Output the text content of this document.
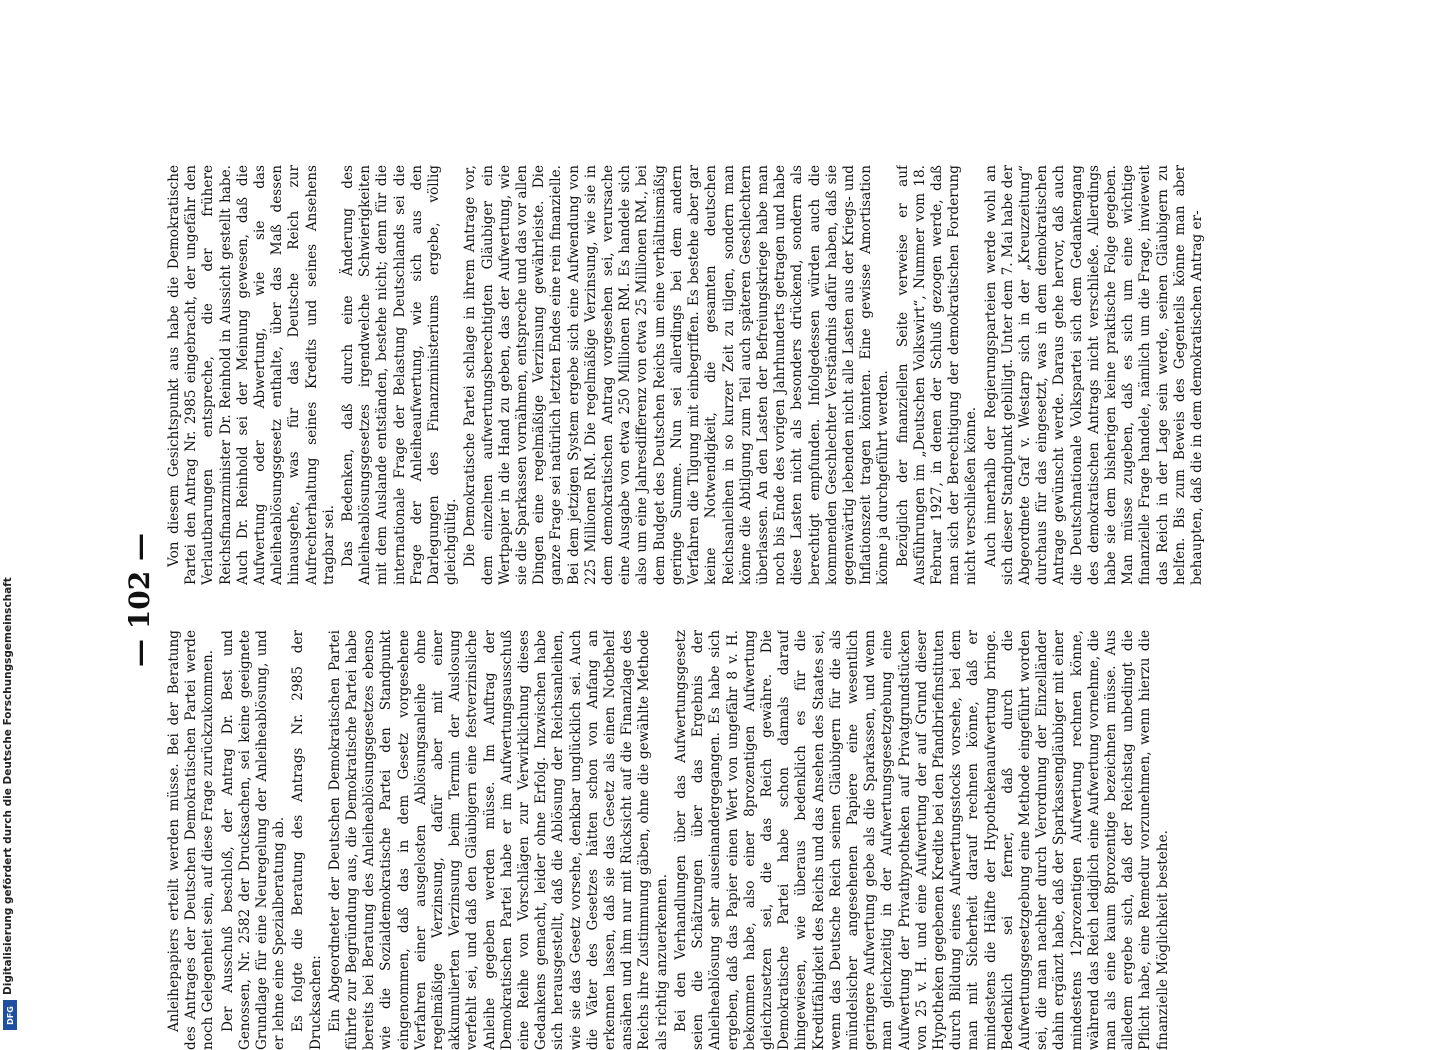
— 102 —

Anleihepapiers erteilt werden müsse. Bei der Beratung des Antrages der Deutschen Demokratischen Partei werde noch Gelegenheit sein, auf diese Frage zurückzukommen. Der Ausschuß beschloß, der Antrag Dr. Best und Genossen, Nr. 2582 der Drucksachen, sei keine geeignete Grundlage für eine Neuregelung der Anleiheablösung, und er lehne eine Spezialberatung ab. Es folgte die Beratung des Antrags Nr. 2985 der Drucksachen: Ein Abgeordneter der Deutschen Demokratischen Partei führte zur Begründung aus, die Demokratische Partei habe bereits bei Beratung des Anleiheablösungsgesetzes ebenso wie die Sozialdemokratische Partei den Standpunkt eingenommen, daß das in dem Gesetz vorgesehene Verfahren einer ausgelosten Ablösungsanleihe ohne regelmäßige Verzinsung, dafür aber mit einer akkumulierten Verzinsung beim Termin der Auslosung verfehlt sei, und daß den Gläubigern eine festverzinsliche Anleihe gegeben werden müsse. Im Auftrag der Demokratischen Partei habe er im Aufwertungsausschuß eine Reihe von Vorschlägen zur Verwirklichung dieses Gedankens gemacht, leider ohne Erfolg. Inzwischen habe sich herausgestellt, daß die Ablösung der Reichsanleihen, wie sie das Gesetz vorsehe, denkbar unglücklich sei. Auch die Väter des Gesetzes hätten schon von Anfang an erkennen lassen, daß sie das Gesetz als einen Notbehelf ansähen und ihm nur mit Rücksicht auf die Finanzlage des Reichs ihre Zustimmung gäben, ohne die gewählte Methode als richtig anzuerkennen. Bei den Verhandlungen über das Aufwertungsgesetz seien die Schätzungen über das Ergebnis der Anleiheablösung sehr auseinandergegangen. Es habe sich ergeben, daß das Papier einen Wert von ungefähr 8 v. H. bekommen habe, also einer 8prozentigen Aufwertung gleichzusetzen sei, die das Reich gewähre. Die Demokratische Partei habe schon damals darauf hingewiesen, wie überaus bedenklich es für die Kreditfähigkeit des Reichs und das Ansehen des Staates sei, wenn das Deutsche Reich seinen Gläubigern für die als mündelsicher angesehenen Papiere eine wesentlich geringere Aufwertung gebe als die Sparkassen, und wenn man gleichzeitig in der Aufwertungsgesetzgebung eine Aufwertung der Privathypotheken auf Privatgrundstücken von 25 v. H. und eine Aufwertung der auf Grund dieser Hypotheken gegebenen Kredite bei den Pfandbriefinstituten durch Bildung eines Aufwertungsstocks vorsehe, bei dem man mit Sicherheit darauf rechnen könne, daß er mindestens die Hälfte der Hypothekenaufwertung bringe. Bedenklich sei ferner, daß durch die Aufwertungsgesetzgebung eine Methode eingeführt worden sei, die man nachher durch Verordnung der Einzelländer dahin ergänzt habe, daß der Sparkassengläubiger mit einer mindestens 12prozentigen Aufwertung rechnen könne, während das Reich lediglich eine Aufwertung vornehme, die man als eine kaum 8prozentige bezeichnen müsse. Aus alledem ergebe sich, daß der Reichstag unbedingt die Pflicht habe, eine Remedur vorzunehmen, wenn hierzu die finanzielle Möglichkeit bestehe.

Von diesem Gesichtspunkt aus habe die Demokratische Partei den Antrag Nr. 2985 eingebracht, der ungefähr den Verlautbarungen entspreche, die der frühere Reichsfinanzminister Dr. Reinhold in Aussicht gestellt habe. Auch Dr. Reinhold sei der Meinung gewesen, daß die Aufwertung oder Abwertung, wie sie das Anleiheablösungsgesetz enthalte, über das Maß dessen hinausgehe, was für das Deutsche Reich zur Aufrechterhaltung seines Kredits und seines Ansehens tragbar sei. Das Bedenken, daß durch eine Änderung des Anleiheablösungsgesetzes irgendwelche Schwierigkeiten mit dem Auslande entständen, bestehe nicht; denn für die internationale Frage der Belastung Deutschlands sei die Frage der Anleiheaufwertung, wie sich aus den Darlegungen des Finanzministeriums ergebe, völlig gleichgültig. Die Demokratische Partei schlage in ihrem Antrage vor, dem einzelnen aufwertungsberechtigten Gläubiger ein Wertpapier in die Hand zu geben, das der Aufwertung, wie sie die Sparkassen vornähmen, entspreche und das vor allen Dingen eine regelmäßige Verzinsung gewährleiste. Die ganze Frage sei natürlich letzten Endes eine rein finanzielle. Bei dem jetzigen System ergebe sich eine Aufwendung von 225 Millionen RM. Die regelmäßige Verzinsung, wie sie in dem demokratischen Antrag vorgesehen sei, verursache eine Ausgabe von etwa 250 Millionen RM. Es handele sich also um eine Jahresdifferenz von etwa 25 Millionen RM., bei dem Budget des Deutschen Reichs um eine verhältnismäßig geringe Summe. Nun sei allerdings bei dem andern Verfahren die Tilgung mit einbegriffen. Es bestehe aber gar keine Notwendigkeit, die gesamten deutschen Reichsanleihen in so kurzer Zeit zu tilgen, sondern man könne die Abtilgung zum Teil auch späteren Geschlechtern überlassen. An den Lasten der Befreiungskriege habe man noch bis Ende des vorigen Jahrhunderts getragen und habe diese Lasten nicht als besonders drückend, sondern als berechtigt empfunden. Infolgedessen würden auch die kommenden Geschlechter Verständnis dafür haben, daß sie gegenwärtig lebenden nicht alle Lasten aus der Kriegs- und Inflationszeit tragen könnten. Eine gewisse Amortisation könne ja durchgeführt werden. Bezüglich der finanziellen Seite verweise er auf Ausführungen im „Deutschen Volkswirt“, Nummer vom 18. Februar 1927, in denen der Schluß gezogen werde, daß man sich der Berechtigung der demokratischen Forderung nicht verschließen könne. Auch innerhalb der Regierungsparteien werde wohl an sich dieser Standpunkt gebilligt. Unter dem 7. Mai habe der Abgeordnete Graf v. Westarp sich in der „Kreuzzeitung“ durchaus für das eingesetzt, was in dem demokratischen Antrage gewünscht werde. Daraus gehe hervor, daß auch die Deutschnationale Volkspartei sich dem Gedankengang des demokratischen Antrags nicht verschließe. Allerdings habe sie dem bisherigen keine praktische Folge gegeben. Man müsse zugeben, daß es sich um eine wichtige finanzielle Frage handele, nämlich um die Frage, inwieweit das Reich in der Lage sein werde, seinen Gläubigern zu helfen. Bis zum Beweis des Gegenteils könne man aber behaupten, daß die in dem demokratischen Antrag er-

Digitalisierung gefördert durch die Deutsche Forschungsgemeinschaft
DFG
